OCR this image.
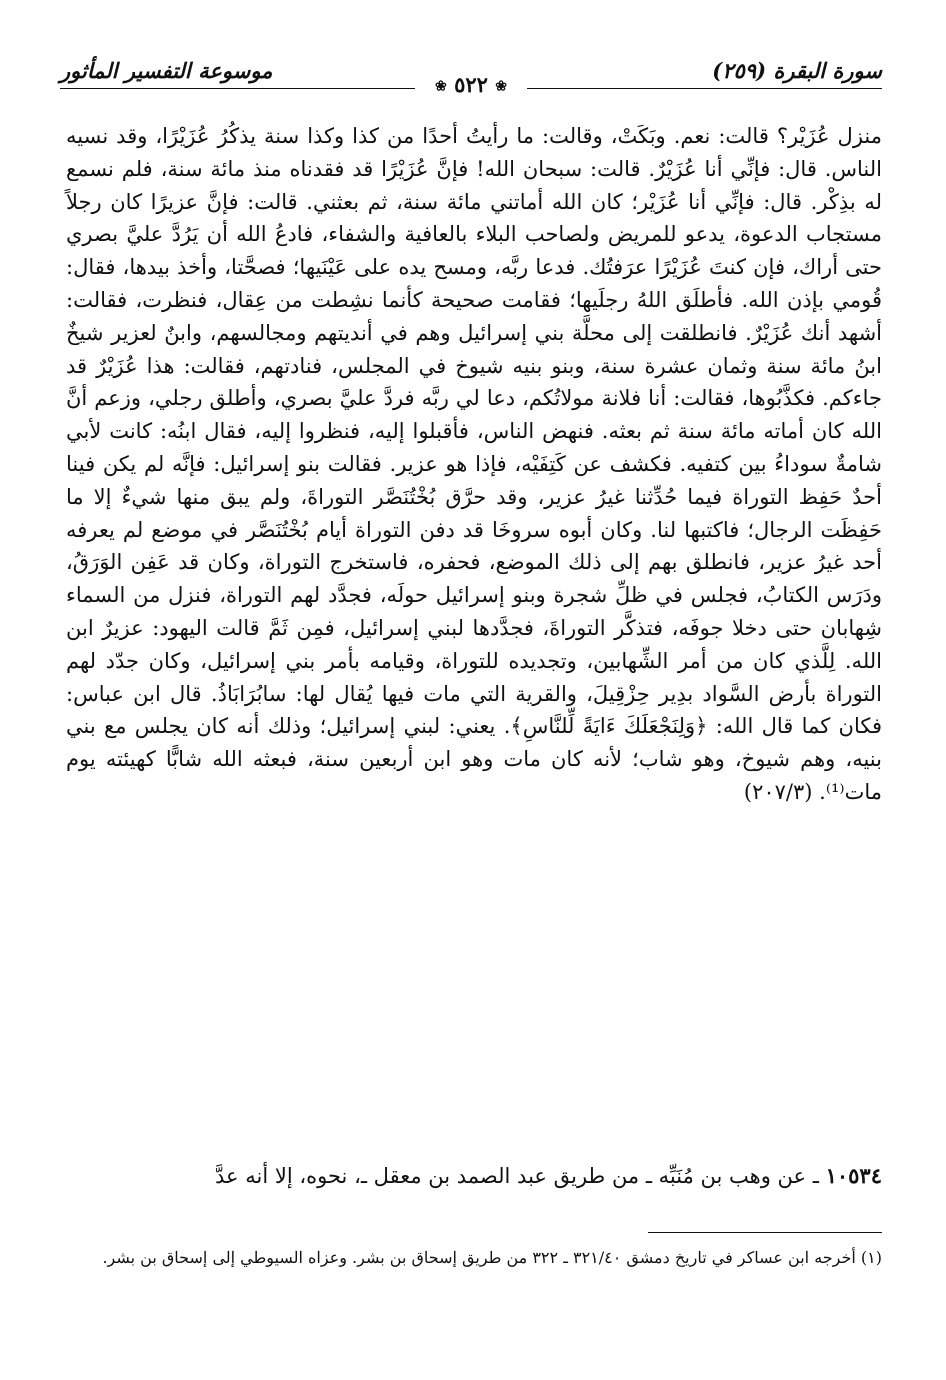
موسوعة التفسير المأثور	سورة البقرة (٢٥٩)
❀ ٥٢٢ ❀
منزل عُزَيْر؟ قالت: نعم. وبَكَتْ، وقالت: ما رأيتُ أحدًا من كذا وكذا سنة يذكُرُ عُزَيْرًا، وقد نسيه الناس. قال: فإنِّي أنا عُزَيْرٌ. قالت: سبحان الله! فإنَّ عُزَيْرًا قد فقدناه منذ مائة سنة، فلم نسمع له بذِكْر. قال: فإنِّي أنا عُزَيْر؛ كان الله أماتني مائة سنة، ثم بعثني. قالت: فإنَّ عزيرًا كان رجلاً مستجاب الدعوة، يدعو للمريض ولصاحب البلاء بالعافية والشفاء، فادعُ الله أن يَرُدَّ عليَّ بصري حتى أراك، فإن كنتَ عُزَيْرًا عرَفتُك. فدعا ربَّه، ومسح يده على عَيْنَيها؛ فصحَّتا، وأخذ بيدها، فقال: قُومي بإذن الله. فأطلَق اللهُ رجلَيها؛ فقامت صحيحة كأنما نشِطت من عِقال، فنظرت، فقالت: أشهد أنك عُزَيْرٌ. فانطلقت إلى محلَّة بني إسرائيل وهم في أنديتهم ومجالسهم، وابنٌ لعزير شيخٌ ابنُ مائة سنة وثمان عشرة سنة، وبنو بنيه شيوخ في المجلس، فنادتهم، فقالت: هذا عُزَيْرٌ قد جاءكم. فكذَّبُوها، فقالت: أنا فلانة مولاتُكم، دعا لي ربَّه فردَّ عليَّ بصري، وأطلق رجلي، وزعم أنَّ الله كان أماته مائة سنة ثم بعثه. فنهض الناس، فأقبلوا إليه، فنظروا إليه، فقال ابنُه: كانت لأبي شامةٌ سوداءُ بين كتفيه. فكشف عن كَتِفَيْه، فإذا هو عزير. فقالت بنو إسرائيل: فإنَّه لم يكن فينا أحدٌ حَفِظ التوراة فيما حُدِّثنا غيرُ عزير، وقد حرَّق بُخْتُنَصَّر التوراةَ، ولم يبق منها شيءٌ إلا ما حَفِظَت الرجال؛ فاكتبها لنا. وكان أبوه سروخَا قد دفن التوراة أيام بُخْتُنَصَّر في موضع لم يعرفه أحد غيرُ عزير، فانطلق بهم إلى ذلك الموضع، فحفره، فاستخرج التوراة، وكان قد عَفِن الوَرَقُ، ودَرَس الكتابُ، فجلس في ظلِّ شجرة وبنو إسرائيل حولَه، فجدَّد لهم التوراة، فنزل من السماء شِهابان حتى دخلا جوفَه، فتذكَّر التوراةَ، فجدَّدها لبني إسرائيل، فمِن ثَمَّ قالت اليهود: عزيرٌ ابن الله. لِلَّذي كان من أمر الشِّهابين، وتجديده للتوراة، وقيامه بأمر بني إسرائيل، وكان جدّد لهم التوراة بأرض السَّواد بدِير حِزْقِيلَ، والقرية التي مات فيها يُقال لها: سابُرَابَاذُ. قال ابن عباس: فكان كما قال الله: ﴿وَلِنَجْعَلَكَ ءَايَةً لِّلنَّاسِ﴾. يعني: لبني إسرائيل؛ وذلك أنه كان يجلس مع بني بنيه، وهم شيوخ، وهو شاب؛ لأنه كان مات وهو ابن أربعين سنة، فبعثه الله شابًّا كهيئته يوم مات⁽¹⁾. (٢٠٧/٣)
١٠٥٣٤ ـ عن وهب بن مُنَبِّه ـ من طريق عبد الصمد بن معقل ـ، نحوه، إلا أنه عدَّ
(١) أخرجه ابن عساكر في تاريخ دمشق ٣٢١/٤٠ ـ ٣٢٢ من طريق إسحاق بن بشر. وعزاه السيوطي إلى إسحاق بن بشر.
